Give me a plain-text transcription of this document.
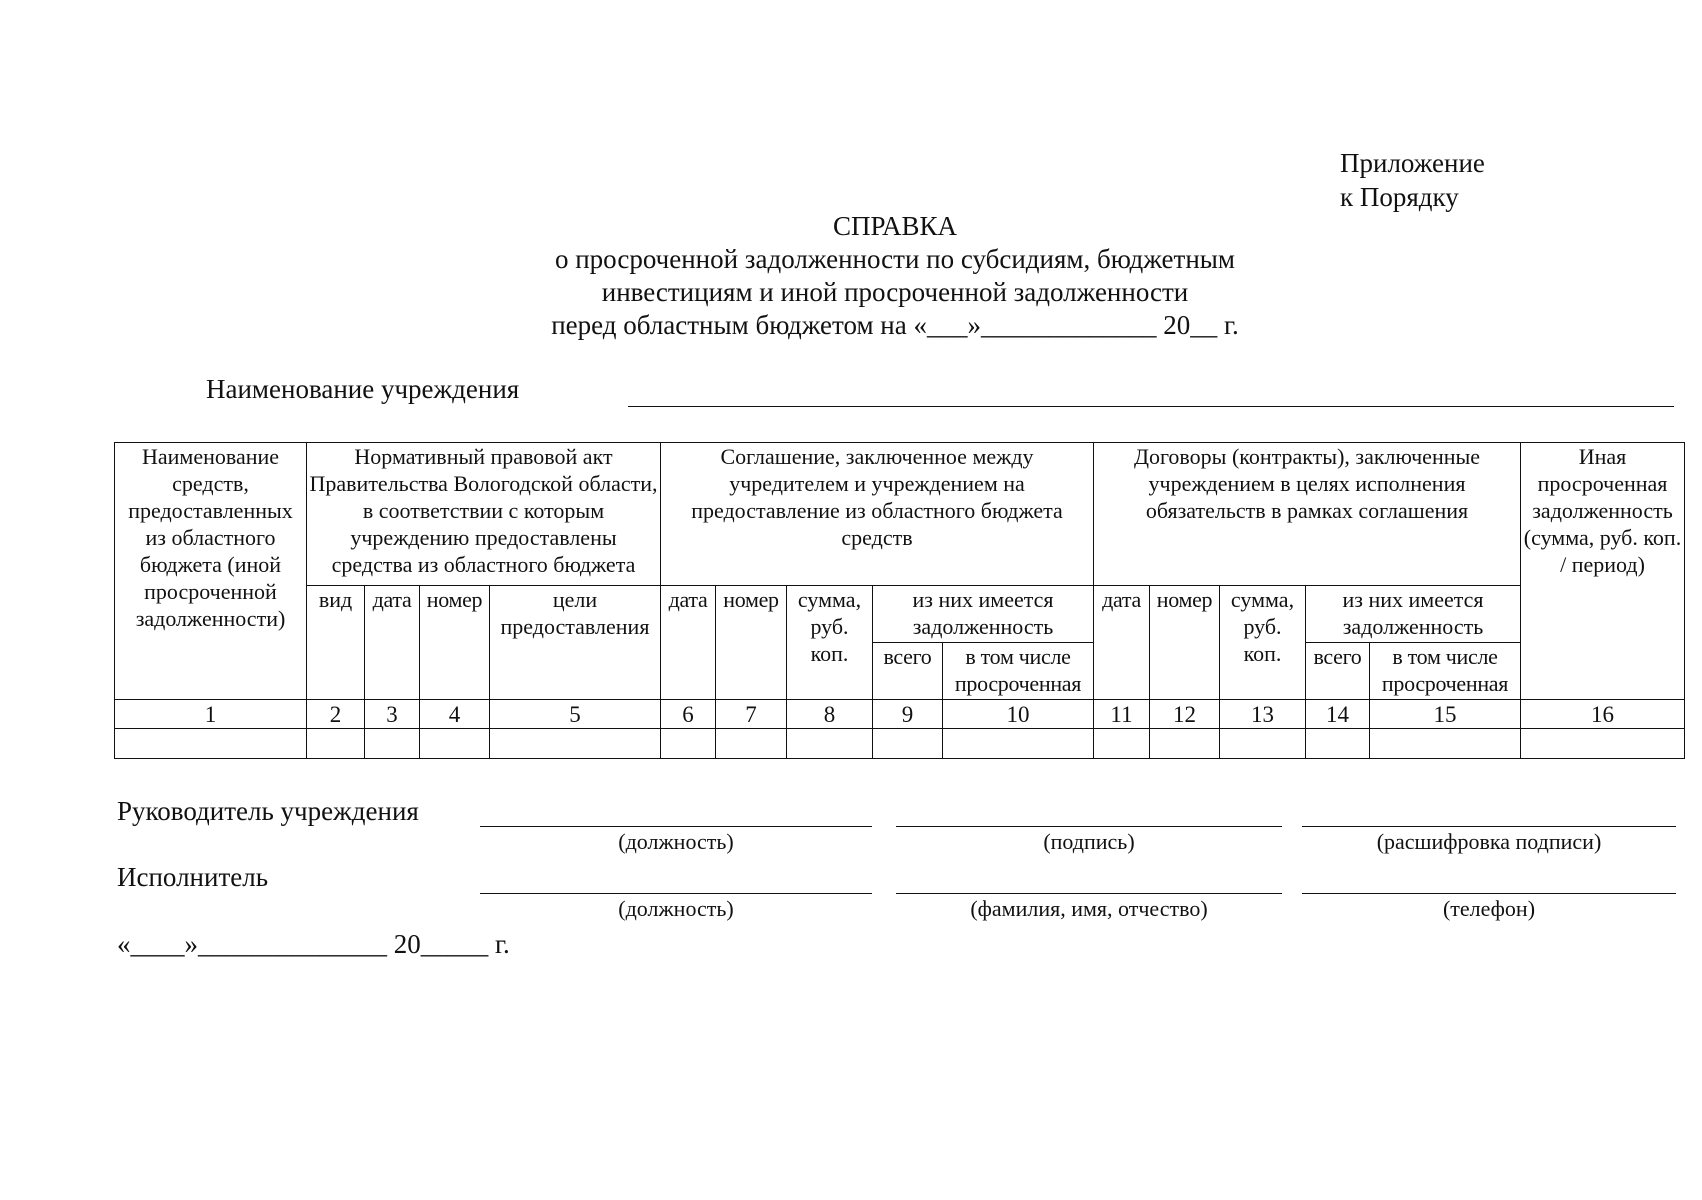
Приложение
к Порядку
СПРАВКА
о просроченной задолженности по субсидиям, бюджетным
инвестициям и иной просроченной задолженности
перед областным бюджетом на «___»_____________ 20__ г.
Наименование учреждения
Наименование средств, предоставленных из областного бюджета (иной просроченной задолженности)	Нормативный правовой акт Правительства Вологодской области, в соответствии с которым учреждению предоставлены средства из областного бюджета				Соглашение, заключенное между учредителем и учреждением на предоставление из областного бюджета средств					Договоры (контракты), заключенные учреждением в целях исполнения обязательств в рамках соглашения					Иная просроченная задолженность (сумма, руб. коп. / период)
	вид	дата	номер	цели предоставления	дата	номер	сумма, руб. коп.	из них имеется задолженность		дата	номер	сумма, руб. коп.	из них имеется задолженность		
								всего	в том числе просроченная				всего	в том числе просроченная	
1	2	3	4	5	6	7	8	9	10	11	12	13	14	15	16

Руководитель учреждения
(должность)	(подпись)	(расшифровка подписи)
Исполнитель
(должность)	(фамилия, имя, отчество)	(телефон)
«____»______________ 20_____ г.
